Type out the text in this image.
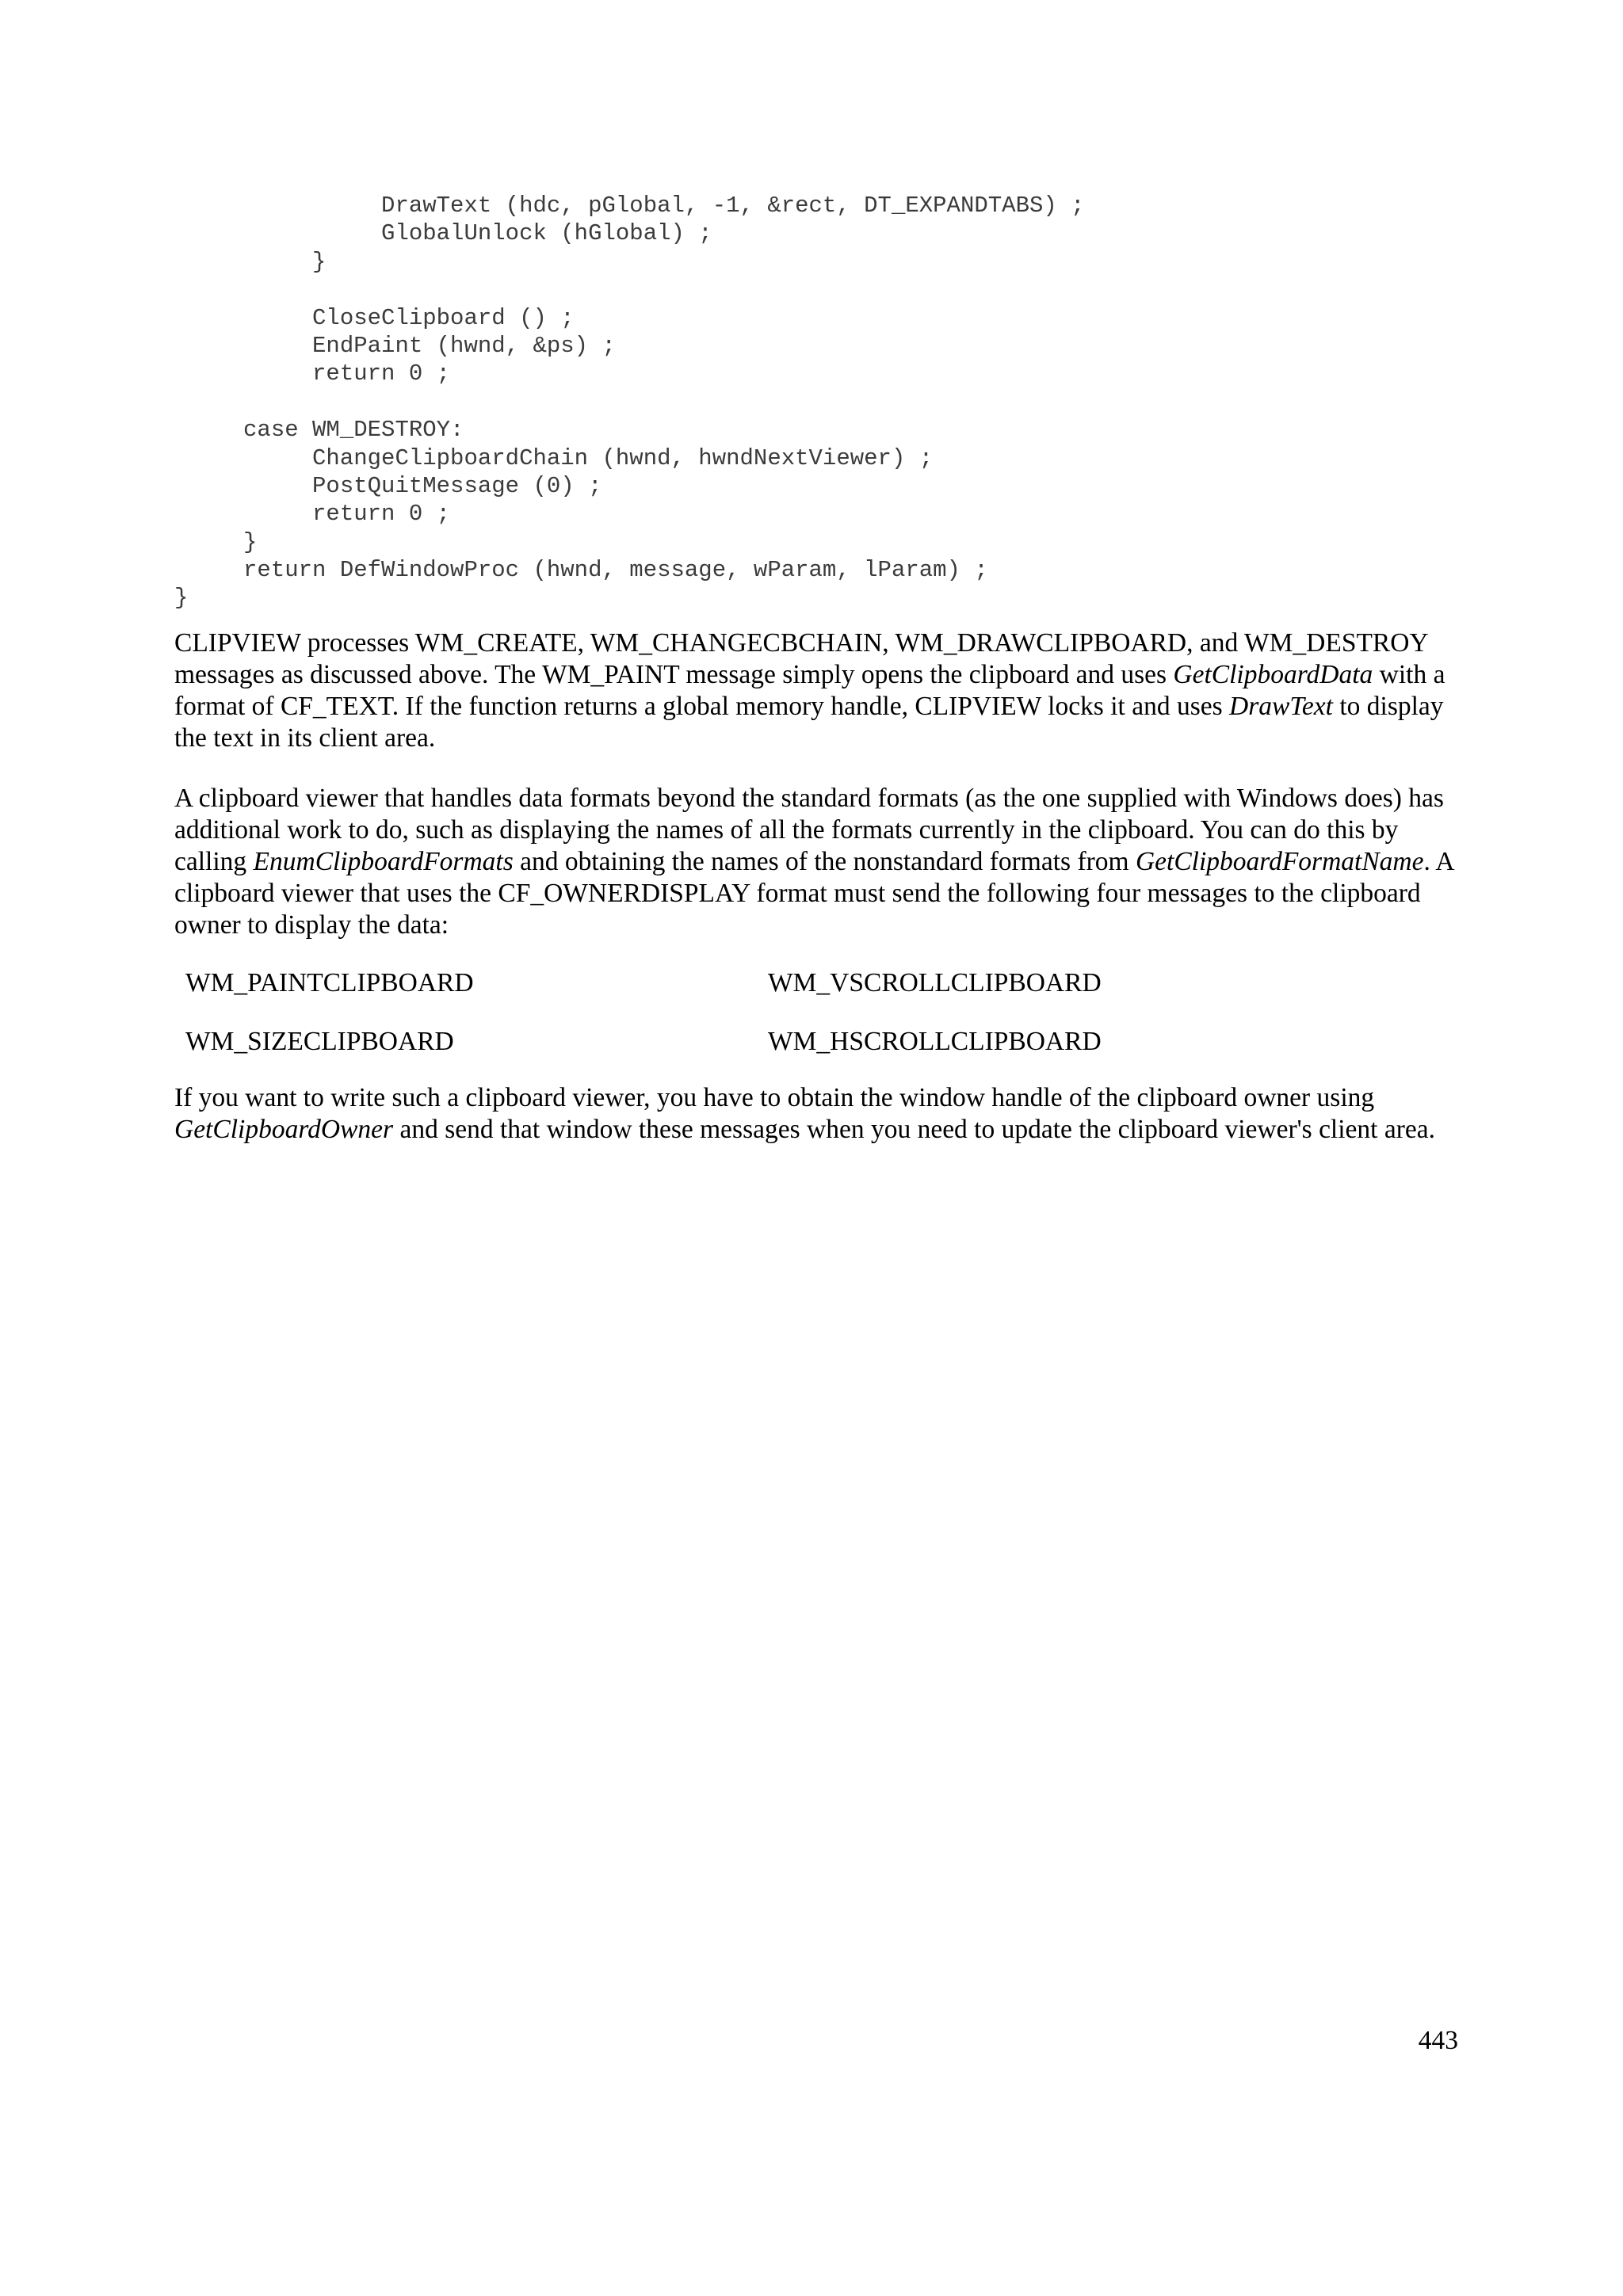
DrawText (hdc, pGlobal, -1, &rect, DT_EXPANDTABS) ;
GlobalUnlock (hGlobal) ;
}
CloseClipboard () ;
EndPaint (hwnd, &ps) ;
return 0 ;
case WM_DESTROY:
ChangeClipboardChain (hwnd, hwndNextViewer) ;
PostQuitMessage (0) ;
return 0 ;
}
return DefWindowProc (hwnd, message, wParam, lParam) ;
}

CLIPVIEW processes WM_CREATE, WM_CHANGECBCHAIN, WM_DRAWCLIPBOARD, and WM_DESTROY messages as discussed above. The WM_PAINT message simply opens the clipboard and uses GetClipboardData with a format of CF_TEXT. If the function returns a global memory handle, CLIPVIEW locks it and uses DrawText to display the text in its client area.

A clipboard viewer that handles data formats beyond the standard formats (as the one supplied with Windows does) has additional work to do, such as displaying the names of all the formats currently in the clipboard. You can do this by calling EnumClipboardFormats and obtaining the names of the nonstandard formats from GetClipboardFormatName. A clipboard viewer that uses the CF_OWNERDISPLAY format must send the following four messages to the clipboard owner to display the data:

WM_PAINTCLIPBOARD	WM_VSCROLLCLIPBOARD
WM_SIZECLIPBOARD	WM_HSCROLLCLIPBOARD

If you want to write such a clipboard viewer, you have to obtain the window handle of the clipboard owner using GetClipboardOwner and send that window these messages when you need to update the clipboard viewer's client area.

443
